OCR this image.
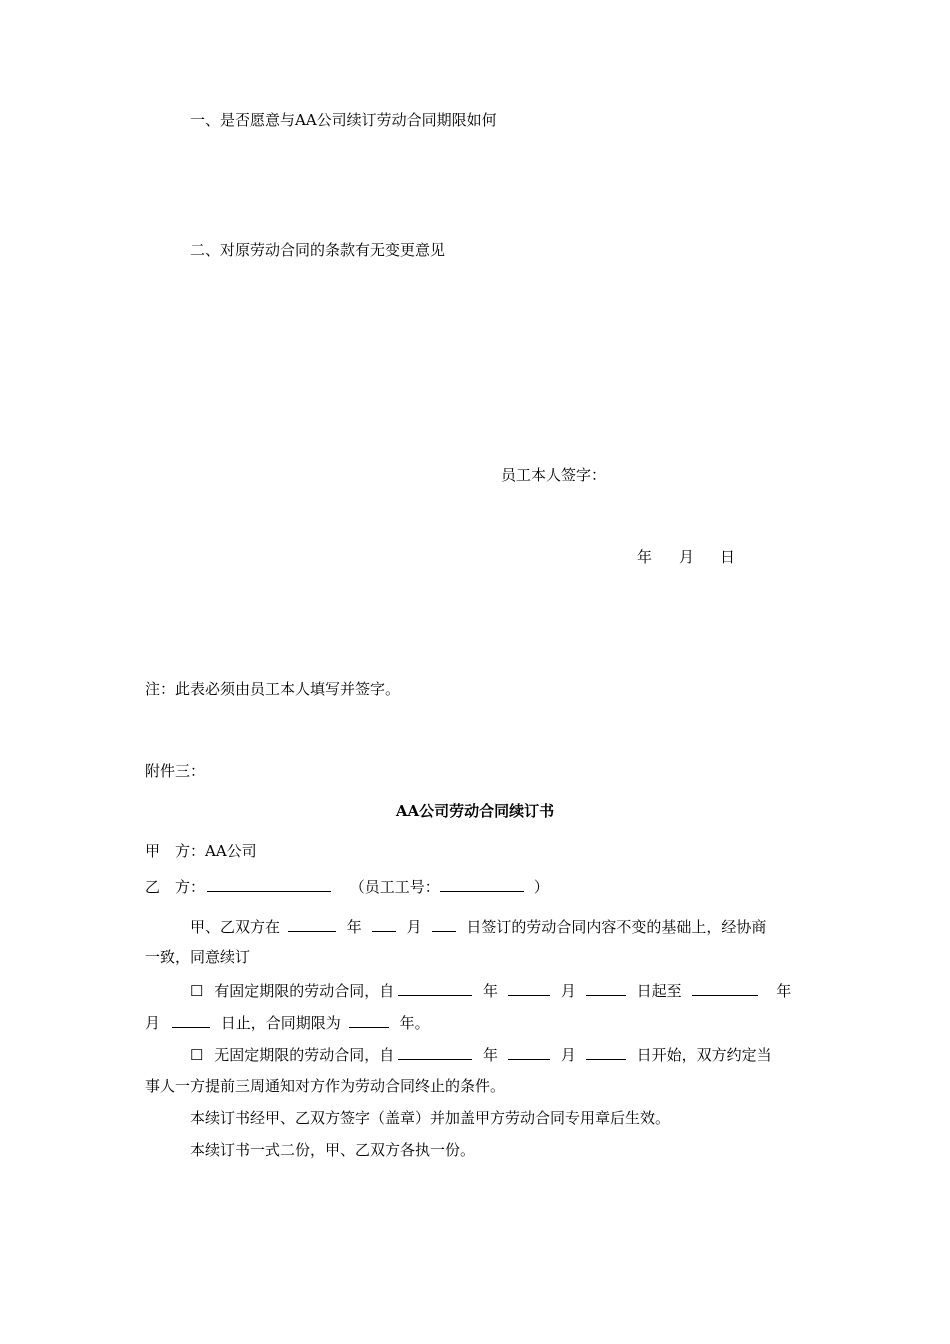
一、是否愿意与AA公司续订劳动合同期限如何
二、对原劳动合同的条款有无变更意见
员工本人签字：
年 月 日
注：此表必须由员工本人填写并签字。
附件三：
AA公司劳动合同续订书
甲　方：AA公司
乙　方：	（员工工号：	）
甲、乙双方在	年	月	日签订的劳动合同内容不变的基础上，经协商
一致，同意续订
☐ 有固定期限的劳动合同，自	年	月	日起至	年
月	日止，合同期限为	年。
☐ 无固定期限的劳动合同，自	年	月	日开始，双方约定当
事人一方提前三周通知对方作为劳动合同终止的条件。
本续订书经甲、乙双方签字（盖章）并加盖甲方劳动合同专用章后生效。
本续订书一式二份，甲、乙双方各执一份。
